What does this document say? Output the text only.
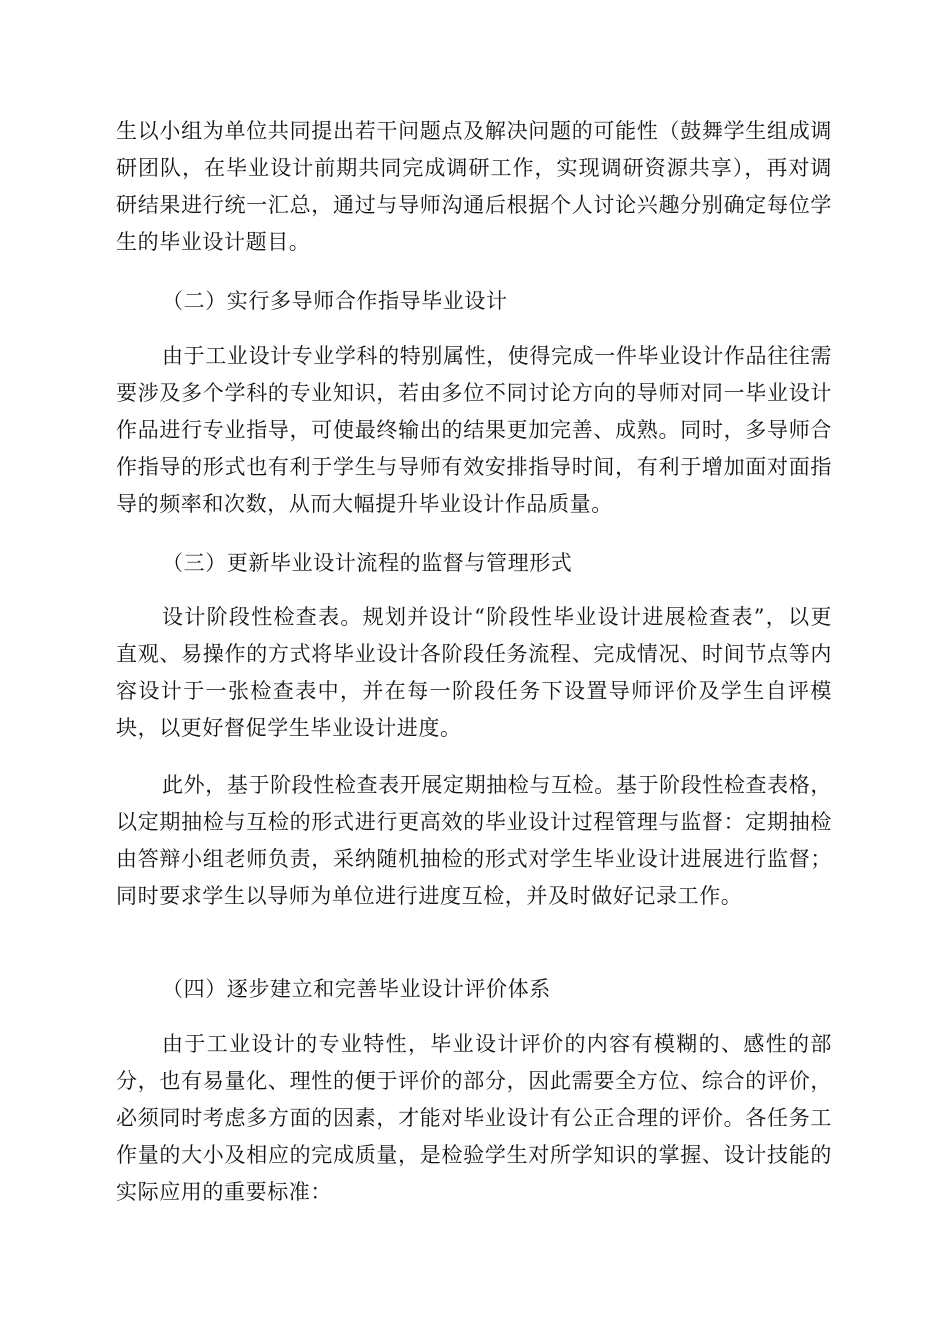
生以小组为单位共同提出若干问题点及解决问题的可能性（鼓舞学生组成调研团队，在毕业设计前期共同完成调研工作，实现调研资源共享），再对调研结果进行统一汇总，通过与导师沟通后根据个人讨论兴趣分别确定每位学生的毕业设计题目。

（二）实行多导师合作指导毕业设计

由于工业设计专业学科的特别属性，使得完成一件毕业设计作品往往需要涉及多个学科的专业知识，若由多位不同讨论方向的导师对同一毕业设计作品进行专业指导，可使最终输出的结果更加完善、成熟。同时，多导师合作指导的形式也有利于学生与导师有效安排指导时间，有利于增加面对面指导的频率和次数，从而大幅提升毕业设计作品质量。

（三）更新毕业设计流程的监督与管理形式

设计阶段性检查表。规划并设计“阶段性毕业设计进展检查表”，以更直观、易操作的方式将毕业设计各阶段任务流程、完成情况、时间节点等内容设计于一张检查表中，并在每一阶段任务下设置导师评价及学生自评模块，以更好督促学生毕业设计进度。

此外，基于阶段性检查表开展定期抽检与互检。基于阶段性检查表格，以定期抽检与互检的形式进行更高效的毕业设计过程管理与监督：定期抽检由答辩小组老师负责，采纳随机抽检的形式对学生毕业设计进展进行监督；同时要求学生以导师为单位进行进度互检，并及时做好记录工作。

（四）逐步建立和完善毕业设计评价体系

由于工业设计的专业特性，毕业设计评价的内容有模糊的、感性的部分，也有易量化、理性的便于评价的部分，因此需要全方位、综合的评价，必须同时考虑多方面的因素，才能对毕业设计有公正合理的评价。各任务工作量的大小及相应的完成质量，是检验学生对所学知识的掌握、设计技能的实际应用的重要标准：
